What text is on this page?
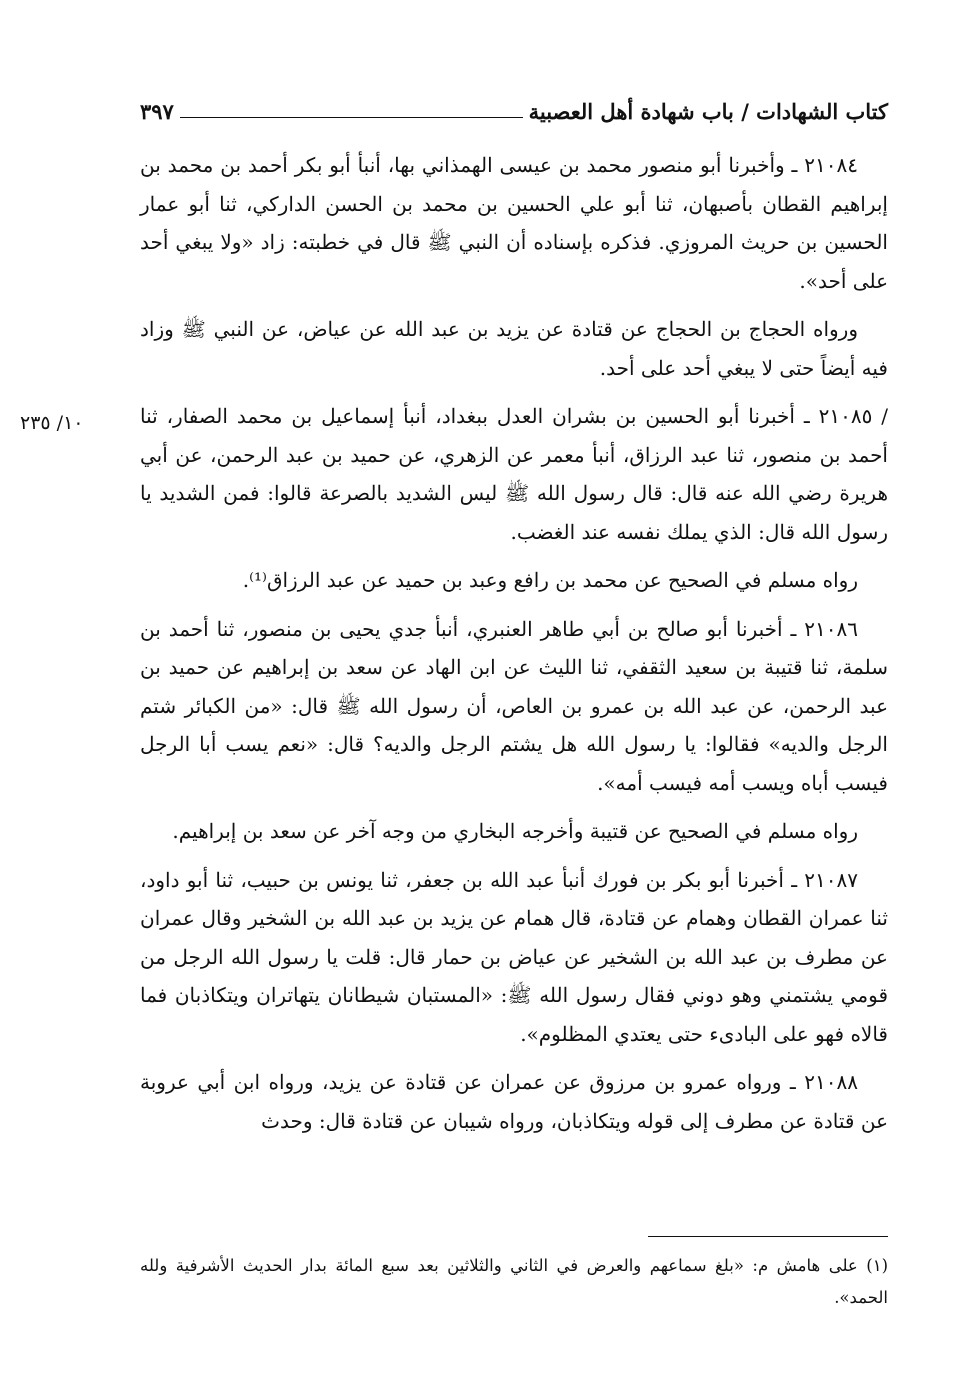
كتاب الشهادات / باب شهادة أهل العصبية
٣٩٧
١٠/ ٢٣٥

٢١٠٨٤ ـ وأخبرنا أبو منصور محمد بن عيسى الهمذاني بها، أنبأ أبو بكر أحمد بن محمد بن إبراهيم القطان بأصبهان، ثنا أبو علي الحسين بن محمد بن الحسن الداركي، ثنا أبو عمار الحسين بن حريث المروزي. فذكره بإسناده أن النبي ﷺ قال في خطبته: زاد «ولا يبغي أحد على أحد».

ورواه الحجاج بن الحجاج عن قتادة عن يزيد بن عبد الله عن عياض، عن النبي ﷺ وزاد فيه أيضاً حتى لا يبغي أحد على أحد.

/ ٢١٠٨٥ ـ أخبرنا أبو الحسين بن بشران العدل ببغداد، أنبأ إسماعيل بن محمد الصفار، ثنا أحمد بن منصور، ثنا عبد الرزاق، أنبأ معمر عن الزهري، عن حميد بن عبد الرحمن، عن أبي هريرة رضي الله عنه قال: قال رسول الله ﷺ ليس الشديد بالصرعة قالوا: فمن الشديد يا رسول الله قال: الذي يملك نفسه عند الغضب.

رواه مسلم في الصحيح عن محمد بن رافع وعبد بن حميد عن عبد الرزاق⁽¹⁾.

٢١٠٨٦ ـ أخبرنا أبو صالح بن أبي طاهر العنبري، أنبأ جدي يحيى بن منصور، ثنا أحمد بن سلمة، ثنا قتيبة بن سعيد الثقفي، ثنا الليث عن ابن الهاد عن سعد بن إبراهيم عن حميد بن عبد الرحمن، عن عبد الله بن عمرو بن العاص، أن رسول الله ﷺ قال: «من الكبائر شتم الرجل والديه» فقالوا: يا رسول الله هل يشتم الرجل والديه؟ قال: «نعم يسب أبا الرجل فيسب أباه ويسب أمه فيسب أمه».

رواه مسلم في الصحيح عن قتيبة وأخرجه البخاري من وجه آخر عن سعد بن إبراهيم.

٢١٠٨٧ ـ أخبرنا أبو بكر بن فورك أنبأ عبد الله بن جعفر، ثنا يونس بن حبيب، ثنا أبو داود، ثنا عمران القطان وهمام عن قتادة، قال همام عن يزيد بن عبد الله بن الشخير وقال عمران عن مطرف بن عبد الله بن الشخير عن عياض بن حمار قال: قلت يا رسول الله الرجل من قومي يشتمني وهو دوني فقال رسول الله ﷺ: «المستبان شيطانان يتهاتران ويتكاذبان فما قالاه فهو على البادىء حتى يعتدي المظلوم».

٢١٠٨٨ ـ ورواه عمرو بن مرزوق عن عمران عن قتادة عن يزيد، ورواه ابن أبي عروبة عن قتادة عن مطرف إلى قوله ويتكاذبان، ورواه شيبان عن قتادة قال: وحدث

(١) على هامش م: «بلغ سماعهم والعرض في الثاني والثلاثين بعد سبع المائة بدار الحديث الأشرفية ولله الحمد».
